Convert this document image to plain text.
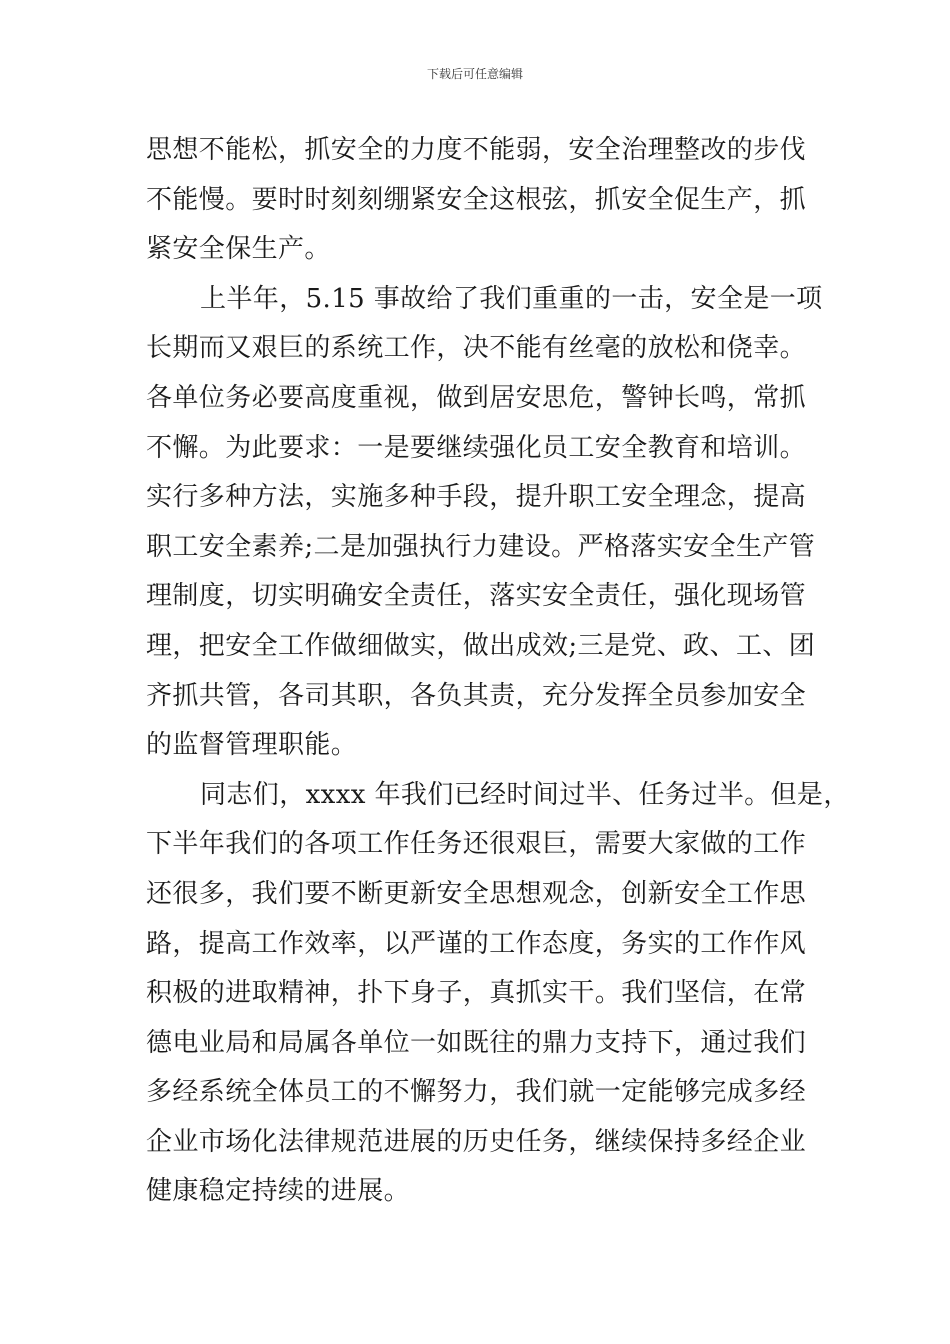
下载后可任意编辑
思想不能松，抓安全的力度不能弱，安全治理整改的步伐
不能慢。要时时刻刻绷紧安全这根弦，抓安全促生产，抓
紧安全保生产。
上半年，5.15 事故给了我们重重的一击，安全是一项
长期而又艰巨的系统工作，决不能有丝毫的放松和侥幸。
各单位务必要高度重视，做到居安思危，警钟长鸣，常抓
不懈。为此要求：一是要继续强化员工安全教育和培训。
实行多种方法，实施多种手段，提升职工安全理念，提高
职工安全素养;二是加强执行力建设。严格落实安全生产管
理制度，切实明确安全责任，落实安全责任，强化现场管
理，把安全工作做细做实，做出成效;三是党、政、工、团
齐抓共管，各司其职，各负其责，充分发挥全员参加安全
的监督管理职能。
同志们，xxxx 年我们已经时间过半、任务过半。但是，
下半年我们的各项工作任务还很艰巨，需要大家做的工作
还很多，我们要不断更新安全思想观念，创新安全工作思
路，提高工作效率，以严谨的工作态度，务实的工作作风
积极的进取精神，扑下身子，真抓实干。我们坚信，在常
德电业局和局属各单位一如既往的鼎力支持下，通过我们
多经系统全体员工的不懈努力，我们就一定能够完成多经
企业市场化法律规范进展的历史任务，继续保持多经企业
健康稳定持续的进展。
